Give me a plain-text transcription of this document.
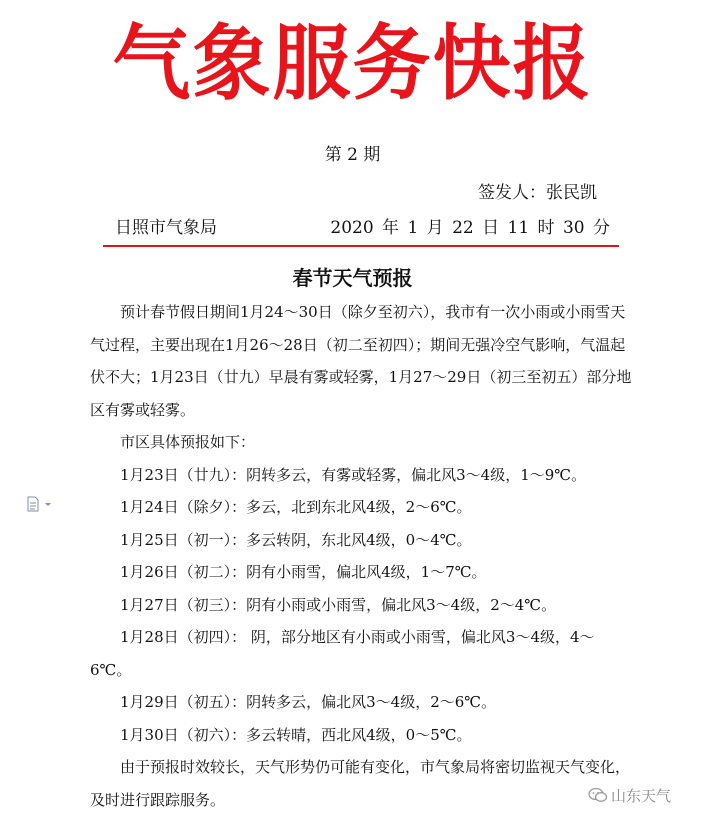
气象服务快报
第 2 期
签发人：张民凯
日照市气象局	2020 年 1 月 22 日 11 时 30 分
春节天气预报

预计春节假日期间1月24～30日（除夕至初六），我市有一次小雨或小雨雪天气过程，主要出现在1月26～28日（初二至初四）；期间无强冷空气影响，气温起伏不大；1月23日（廿九）早晨有雾或轻雾，1月27～29日（初三至初五）部分地区有雾或轻雾。

市区具体预报如下：

1月23日（廿九）：阴转多云，有雾或轻雾，偏北风3～4级，1～9℃。

1月24日（除夕）：多云，北到东北风4级，2～6℃。

1月25日（初一）：多云转阴，东北风4级，0～4℃。

1月26日（初二）：阴有小雨雪，偏北风4级，1～7℃。

1月27日（初三）：阴有小雨或小雨雪，偏北风3～4级，2～4℃。

1月28日（初四）： 阴，部分地区有小雨或小雨雪，偏北风3～4级，4～6℃。

1月29日（初五）：阴转多云，偏北风3～4级，2～6℃。

1月30日（初六）：多云转晴，西北风4级，0～5℃。

由于预报时效较长，天气形势仍可能有变化，市气象局将密切监视天气变化，及时进行跟踪服务。	山东天气
